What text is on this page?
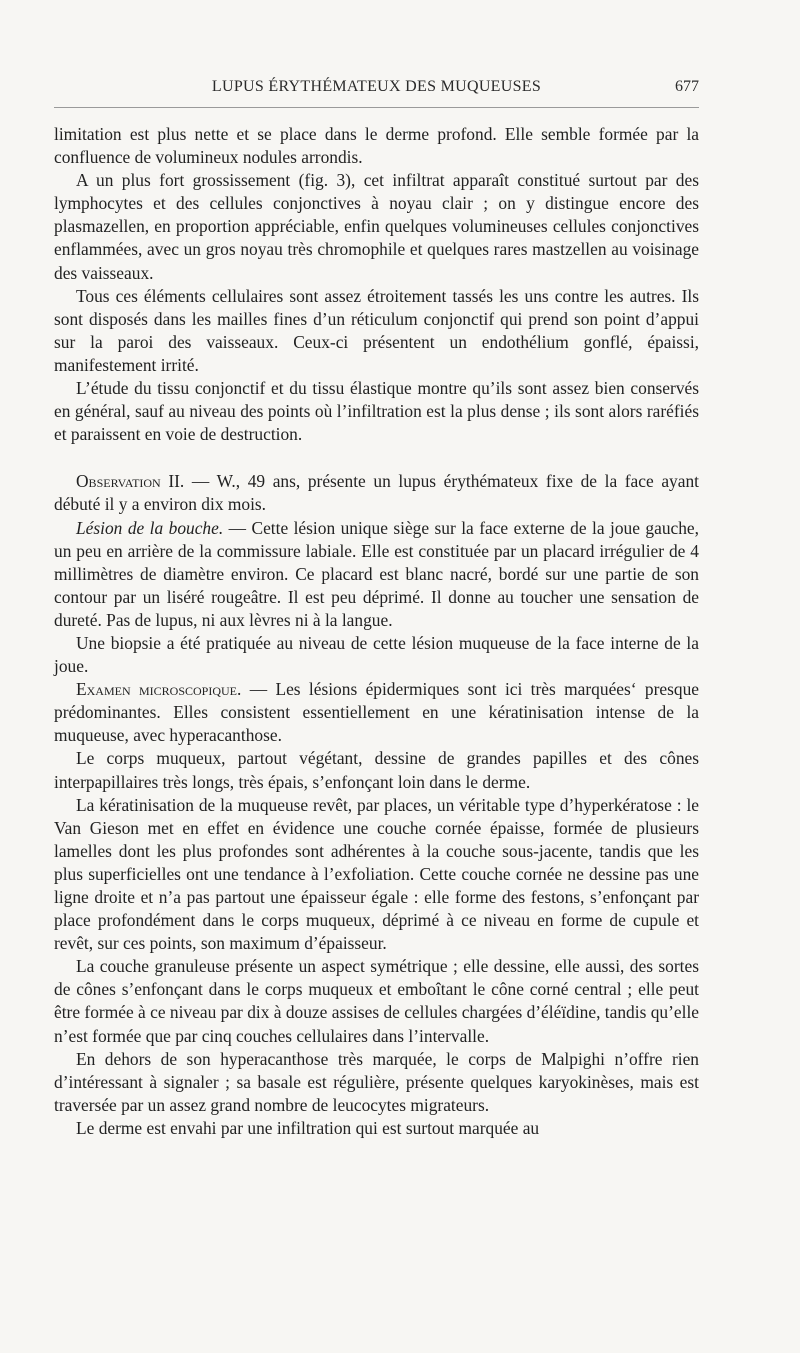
LUPUS ÉRYTHÉMATEUX DES MUQUEUSES	677

limitation est plus nette et se place dans le derme profond. Elle semble formée par la confluence de volumineux nodules arrondis.

A un plus fort grossissement (fig. 3), cet infiltrat apparaît constitué surtout par des lymphocytes et des cellules conjonctives à noyau clair ; on y distingue encore des plasmazellen, en proportion appréciable, enfin quelques volumineuses cellules conjonctives enflammées, avec un gros noyau très chromophile et quelques rares mastzellen au voisinage des vaisseaux.

Tous ces éléments cellulaires sont assez étroitement tassés les uns contre les autres. Ils sont disposés dans les mailles fines d’un réticulum conjonctif qui prend son point d’appui sur la paroi des vaisseaux. Ceux-ci présentent un endothélium gonflé, épaissi, manifestement irrité.

L’étude du tissu conjonctif et du tissu élastique montre qu’ils sont assez bien conservés en général, sauf au niveau des points où l’infiltration est la plus dense ; ils sont alors raréfiés et paraissent en voie de destruction.

Observation II. — W., 49 ans, présente un lupus érythémateux fixe de la face ayant débuté il y a environ dix mois.

Lésion de la bouche. — Cette lésion unique siège sur la face externe de la joue gauche, un peu en arrière de la commissure labiale. Elle est constituée par un placard irrégulier de 4 millimètres de diamètre environ. Ce placard est blanc nacré, bordé sur une partie de son contour par un liséré rougeâtre. Il est peu déprimé. Il donne au toucher une sensation de dureté. Pas de lupus, ni aux lèvres ni à la langue.

Une biopsie a été pratiquée au niveau de cette lésion muqueuse de la face interne de la joue.

Examen microscopique. — Les lésions épidermiques sont ici très marquées‘ presque prédominantes. Elles consistent essentiellement en une kératinisation intense de la muqueuse, avec hyperacanthose.

Le corps muqueux, partout végétant, dessine de grandes papilles et des cônes interpapillaires très longs, très épais, s’enfonçant loin dans le derme.

La kératinisation de la muqueuse revêt, par places, un véritable type d’hyperkératose : le Van Gieson met en effet en évidence une couche cornée épaisse, formée de plusieurs lamelles dont les plus profondes sont adhérentes à la couche sous-jacente, tandis que les plus superficielles ont une tendance à l’exfoliation. Cette couche cornée ne dessine pas une ligne droite et n’a pas partout une épaisseur égale : elle forme des festons, s’enfonçant par place profondément dans le corps muqueux, déprimé à ce niveau en forme de cupule et revêt, sur ces points, son maximum d’épaisseur.

La couche granuleuse présente un aspect symétrique ; elle dessine, elle aussi, des sortes de cônes s’enfonçant dans le corps muqueux et emboîtant le cône corné central ; elle peut être formée à ce niveau par dix à douze assises de cellules chargées d’éléïdine, tandis qu’elle n’est formée que par cinq couches cellulaires dans l’intervalle.

En dehors de son hyperacanthose très marquée, le corps de Malpighi n’offre rien d’intéressant à signaler ; sa basale est régulière, présente quelques karyokinèses, mais est traversée par un assez grand nombre de leucocytes migrateurs.

Le derme est envahi par une infiltration qui est surtout marquée au
